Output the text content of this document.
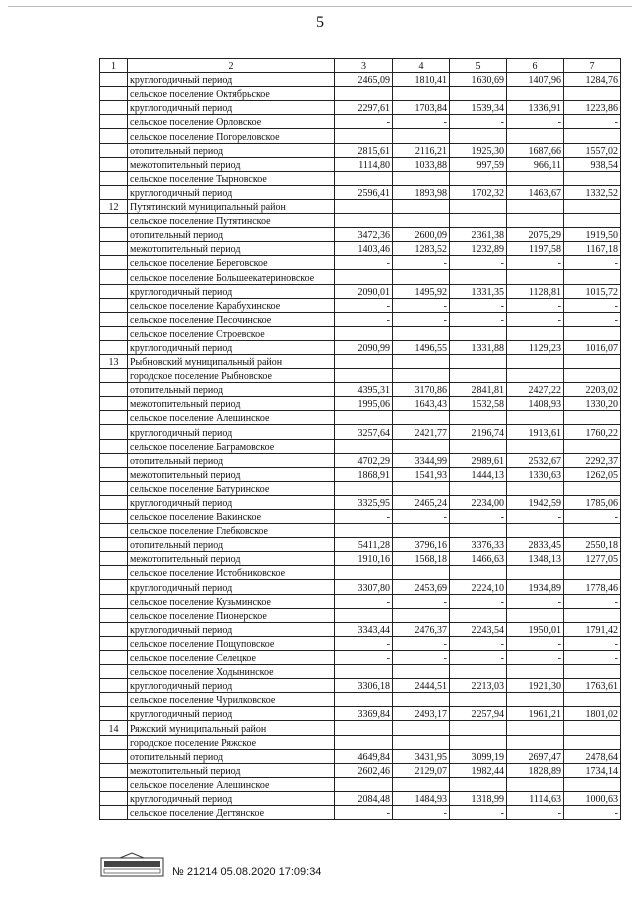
5
1	2	3	4	5	6	7
	круглогодичный период	2465,09	1810,41	1630,69	1407,96	1284,76
	сельское поселение Октябрьское					
	круглогодичный период	2297,61	1703,84	1539,34	1336,91	1223,86
	сельское поселение Орловское	-	-	-	-	-
	сельское поселение Погореловское					
	отопительный период	2815,61	2116,21	1925,30	1687,66	1557,02
	межотопительный период	1114,80	1033,88	997,59	966,11	938,54
	сельское поселение Тырновское					
	круглогодичный период	2596,41	1893,98	1702,32	1463,67	1332,52
12	Путятинский муниципальный район					
	сельское поселение Путятинское					
	отопительный период	3472,36	2600,09	2361,38	2075,29	1919,50
	межотопительный период	1403,46	1283,52	1232,89	1197,58	1167,18
	сельское поселение Береговское	-	-	-	-	-
	сельское поселение Большеекатериновское					
	круглогодичный период	2090,01	1495,92	1331,35	1128,81	1015,72
	сельское поселение Карабухинское	-	-	-	-	-
	сельское поселение Песочинское	-	-	-	-	-
	сельское поселение Строевское					
	круглогодичный период	2090,99	1496,55	1331,88	1129,23	1016,07
13	Рыбновский муниципальный район					
	городское поселение Рыбновское					
	отопительный период	4395,31	3170,86	2841,81	2427,22	2203,02
	межотопительный период	1995,06	1643,43	1532,58	1408,93	1330,20
	сельское поселение Алешинское					
	круглогодичный период	3257,64	2421,77	2196,74	1913,61	1760,22
	сельское поселение Баграмовское					
	отопительный период	4702,29	3344,99	2989,61	2532,67	2292,37
	межотопительный период	1868,91	1541,93	1444,13	1330,63	1262,05
	сельское поселение Батуринское					
	круглогодичный период	3325,95	2465,24	2234,00	1942,59	1785,06
	сельское поселение Вакинское	-	-	-	-	-
	сельское поселение Глебковское					
	отопительный период	5411,28	3796,16	3376,33	2833,45	2550,18
	межотопительный период	1910,16	1568,18	1466,63	1348,13	1277,05
	сельское поселение Истобниковское					
	круглогодичный период	3307,80	2453,69	2224,10	1934,89	1778,46
	сельское поселение Кузьминское	-	-	-	-	-
	сельское поселение Пионерское					
	круглогодичный период	3343,44	2476,37	2243,54	1950,01	1791,42
	сельское поселение Пощуповское	-	-	-	-	-
	сельское поселение Селецкое	-	-	-	-	-
	сельское поселение Ходынинское					
	круглогодичный период	3306,18	2444,51	2213,03	1921,30	1763,61
	сельское поселение Чурилковское					
	круглогодичный период	3369,84	2493,17	2257,94	1961,21	1801,02
14	Ряжский муниципальный район					
	городское поселение Ряжское					
	отопительный период	4649,84	3431,95	3099,19	2697,47	2478,64
	межотопительный период	2602,46	2129,07	1982,44	1828,89	1734,14
	сельское поселение Алешинское					
	круглогодичный период	2084,48	1484,93	1318,99	1114,63	1000,63
	сельское поселение Дегтянское	-	-	-	-	-
№ 21214 05.08.2020 17:09:34
